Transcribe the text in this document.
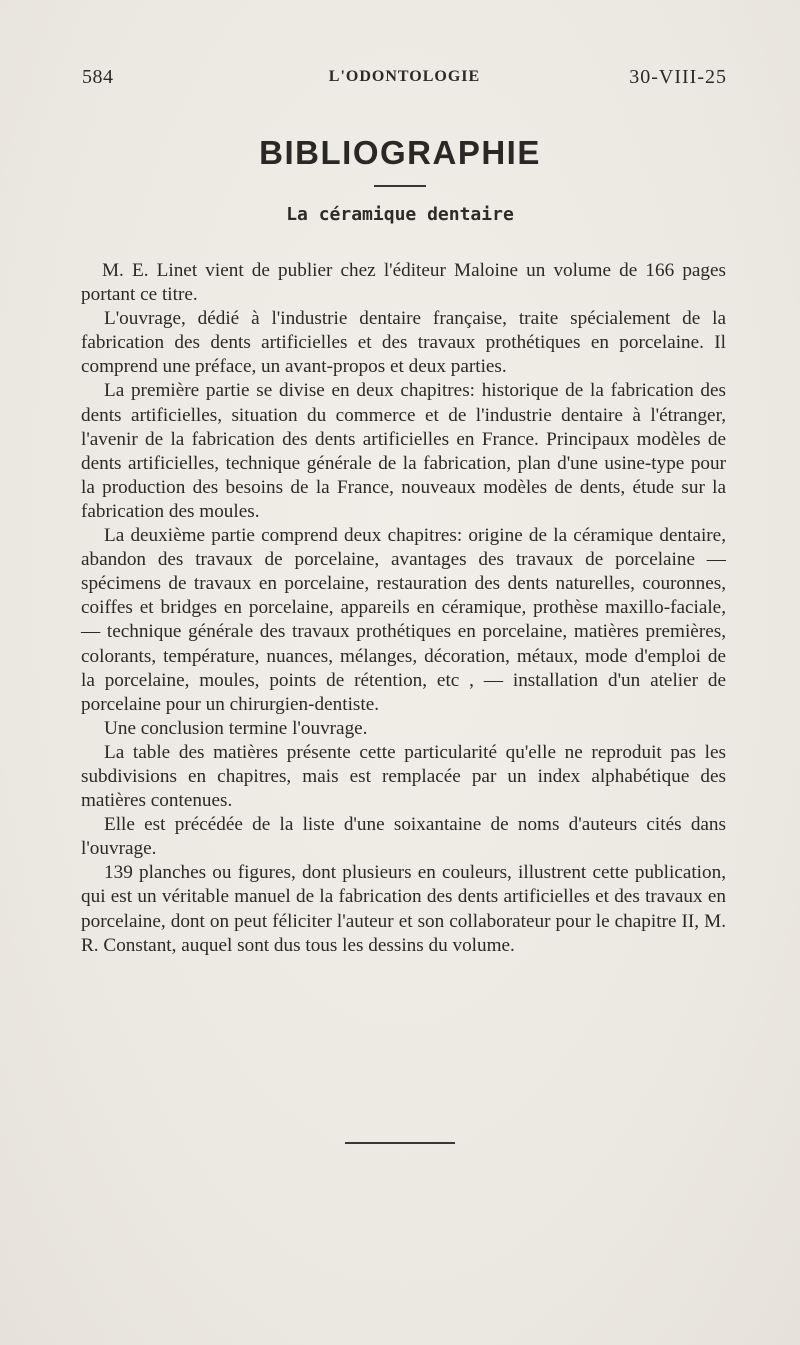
584	L'ODONTOLOGIE	30-VIII-25
BIBLIOGRAPHIE
La céramique dentaire

M. E. Linet vient de publier chez l'éditeur Maloine un volume de 166 pages portant ce titre.

L'ouvrage, dédié à l'industrie dentaire française, traite spécialement de la fabrication des dents artificielles et des travaux prothétiques en porcelaine. Il comprend une préface, un avant-propos et deux parties.

La première partie se divise en deux chapitres: historique de la fabrication des dents artificielles, situation du commerce et de l'industrie dentaire à l'étranger, l'avenir de la fabrication des dents artificielles en France. Principaux modèles de dents artificielles, technique générale de la fabrication, plan d'une usine-type pour la production des besoins de la France, nouveaux modèles de dents, étude sur la fabrication des moules.

La deuxième partie comprend deux chapitres: origine de la céramique dentaire, abandon des travaux de porcelaine, avantages des travaux de porcelaine — spécimens de travaux en porcelaine, restauration des dents naturelles, couronnes, coiffes et bridges en porcelaine, appareils en céramique, prothèse maxillo-faciale, — technique générale des travaux prothétiques en porcelaine, matières premières, colorants, température, nuances, mélanges, décoration, métaux, mode d'emploi de la porcelaine, moules, points de rétention, etc , — installation d'un atelier de porcelaine pour un chirurgien-dentiste.

Une conclusion termine l'ouvrage.

La table des matières présente cette particularité qu'elle ne reproduit pas les subdivisions en chapitres, mais est remplacée par un index alphabétique des matières contenues.

Elle est précédée de la liste d'une soixantaine de noms d'auteurs cités dans l'ouvrage.

139 planches ou figures, dont plusieurs en couleurs, illustrent cette publication, qui est un véritable manuel de la fabrication des dents artificielles et des travaux en porcelaine, dont on peut féliciter l'auteur et son collaborateur pour le chapitre II, M. R. Constant, auquel sont dus tous les dessins du volume.
